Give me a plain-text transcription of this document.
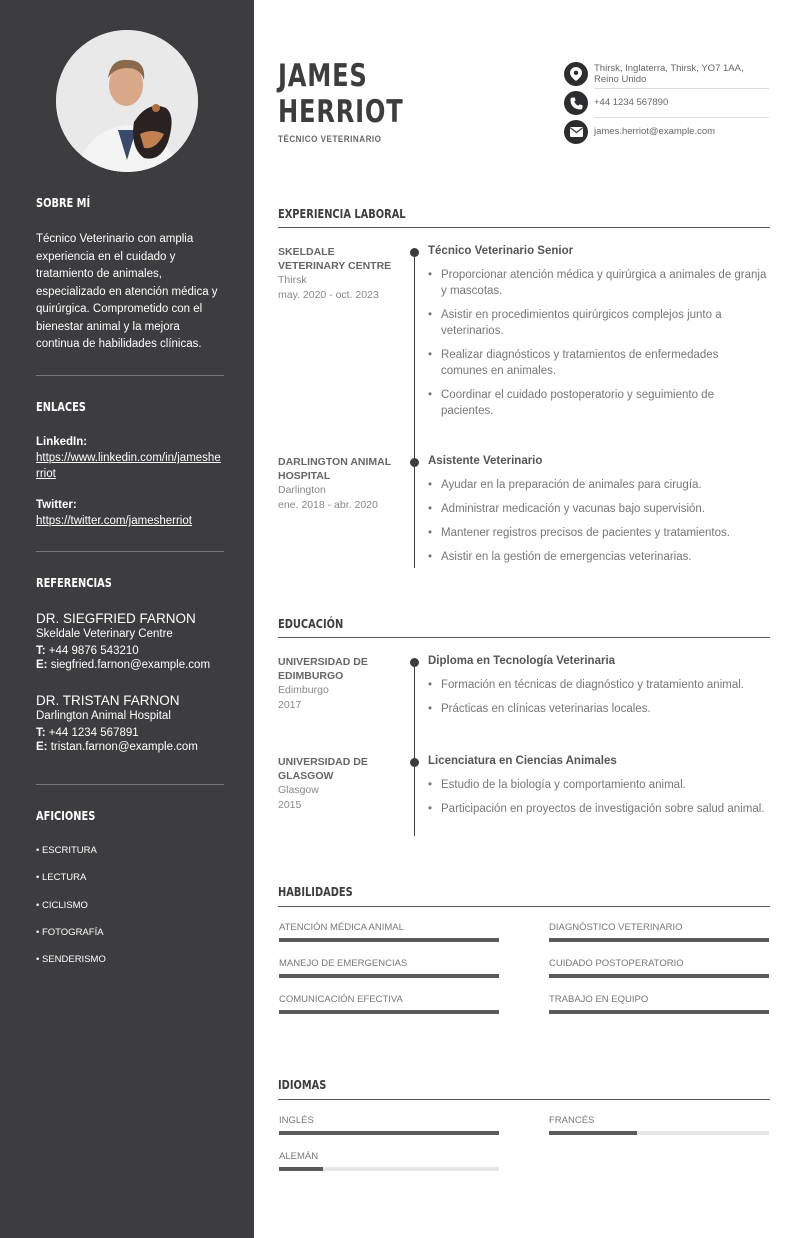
SOBRE MÍ
Técnico Veterinario con amplia experiencia en el cuidado y tratamiento de animales, especializado en atención médica y quirúrgica. Comprometido con el bienestar animal y la mejora continua de habilidades clínicas.
ENLACES
LinkedIn:
https://www.linkedin.com/in/jamesherriot
Twitter:
https://twitter.com/jamesherriot
REFERENCIAS
DR. SIEGFRIED FARNON
Skeldale Veterinary Centre
T: +44 9876 543210
E: siegfried.farnon@example.com
DR. TRISTAN FARNON
Darlington Animal Hospital
T: +44 1234 567891
E: tristan.farnon@example.com
AFICIONES
• ESCRITURA
• LECTURA
• CICLISMO
• FOTOGRAFÍA
• SENDERISMO
JAMES
HERRIOT
TÉCNICO VETERINARIO
Thirsk, Inglaterra, Thirsk, YO7 1AA,
Reino Unido
+44 1234 567890
james.herriot@example.com
EXPERIENCIA LABORAL
SKELDALE VETERINARY CENTRE
Thirsk
may. 2020 - oct. 2023
Técnico Veterinario Senior
• Proporcionar atención médica y quirúrgica a animales de granja y mascotas.
• Asistir en procedimientos quirúrgicos complejos junto a veterinarios.
• Realizar diagnósticos y tratamientos de enfermedades comunes en animales.
• Coordinar el cuidado postoperatorio y seguimiento de pacientes.
DARLINGTON ANIMAL HOSPITAL
Darlington
ene. 2018 - abr. 2020
Asistente Veterinario
• Ayudar en la preparación de animales para cirugía.
• Administrar medicación y vacunas bajo supervisión.
• Mantener registros precisos de pacientes y tratamientos.
• Asistir en la gestión de emergencias veterinarias.
EDUCACIÓN
UNIVERSIDAD DE EDIMBURGO
Edimburgo
2017
Diploma en Tecnología Veterinaria
• Formación en técnicas de diagnóstico y tratamiento animal.
• Prácticas en clínicas veterinarias locales.
UNIVERSIDAD DE GLASGOW
Glasgow
2015
Licenciatura en Ciencias Animales
• Estudio de la biología y comportamiento animal.
• Participación en proyectos de investigación sobre salud animal.
HABILIDADES
ATENCIÓN MÉDICA ANIMAL	DIAGNÓSTICO VETERINARIO
MANEJO DE EMERGENCIAS	CUIDADO POSTOPERATORIO
COMUNICACIÓN EFECTIVA	TRABAJO EN EQUIPO
IDIOMAS
INGLÉS	FRANCÉS
ALEMÁN
